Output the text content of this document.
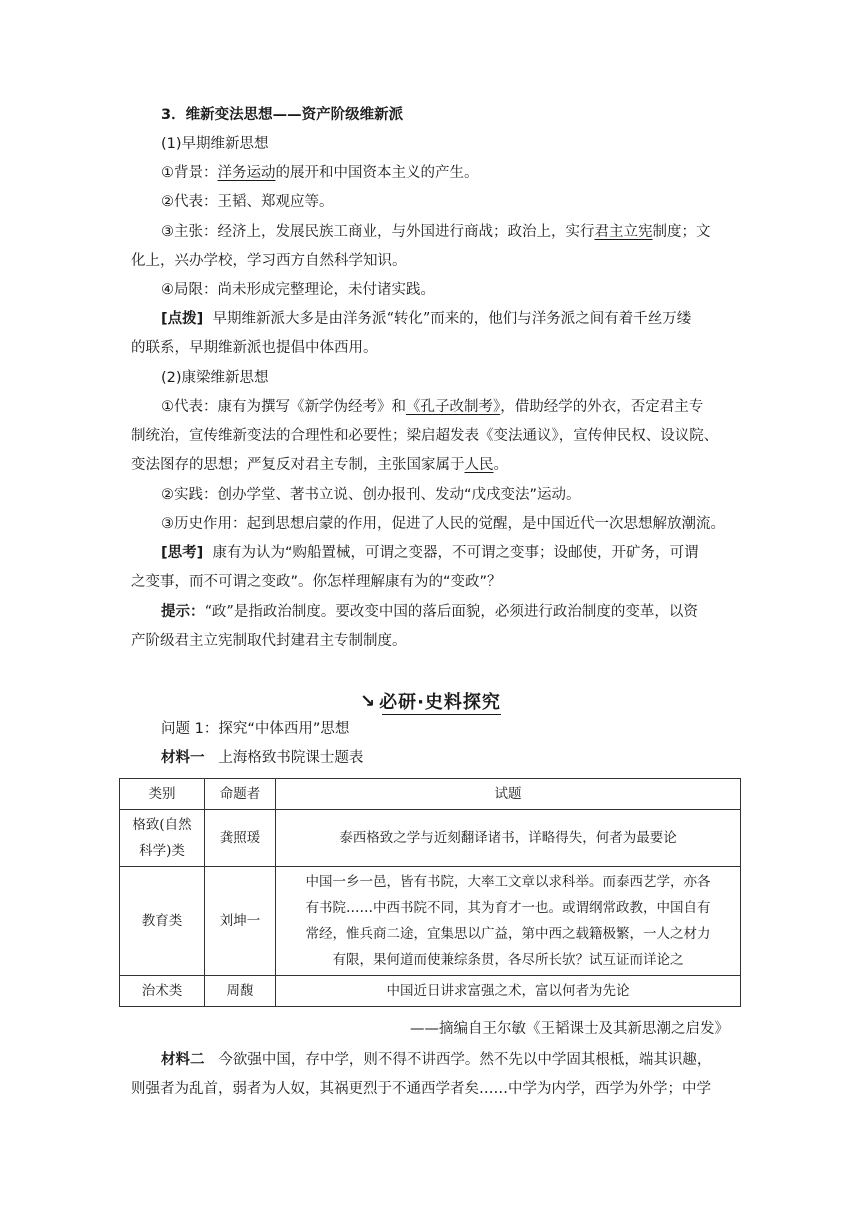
3．维新变法思想——资产阶级维新派
(1)早期维新思想
①背景：洋务运动的展开和中国资本主义的产生。
②代表：王韬、郑观应等。
③主张：经济上，发展民族工商业，与外国进行商战；政治上，实行君主立宪制度；文
化上，兴办学校，学习西方自然科学知识。
④局限：尚未形成完整理论，未付诸实践。
[点拨] 早期维新派大多是由洋务派“转化”而来的，他们与洋务派之间有着千丝万缕
的联系，早期维新派也提倡中体西用。
(2)康梁维新思想
①代表：康有为撰写《新学伪经考》和《孔子改制考》，借助经学的外衣，否定君主专
制统治，宣传维新变法的合理性和必要性；梁启超发表《变法通议》，宣传伸民权、设议院、
变法图存的思想；严复反对君主专制，主张国家属于人民。
②实践：创办学堂、著书立说、创办报刊、发动“戊戌变法”运动。
③历史作用：起到思想启蒙的作用，促进了人民的觉醒，是中国近代一次思想解放潮流。
[思考] 康有为认为“购船置械，可谓之变器，不可谓之变事；设邮使，开矿务，可谓
之变事，而不可谓之变政”。你怎样理解康有为的“变政”？
提示：“政”是指政治制度。要改变中国的落后面貌，必须进行政治制度的变革，以资
产阶级君主立宪制取代封建君主专制制度。
↘ 必研·史料探究
问题 1：探究“中体西用”思想
材料一 上海格致书院课士题表
类别	命题者	试题

格致(自然
科学)类	龚照瑗	泰西格致之学与近刻翻译诸书，详略得失，何者为最要论
教育类	刘坤一	中国一乡一邑，皆有书院，大率工文章以求科举。而泰西艺学，亦各
有书院……中西书院不同，其为育才一也。或谓纲常政教，中国自有
常经，惟兵商二途，宜集思以广益，第中西之载籍极繁，一人之材力
有限，果何道而使兼综条贯，各尽所长欤？试互证而详论之

治术类	周馥	中国近日讲求富强之术，富以何者为先论
——摘编自王尔敏《王韬课士及其新思潮之启发》
材料二 今欲强中国，存中学，则不得不讲西学。然不先以中学固其根柢，端其识趣，
则强者为乱首，弱者为人奴，其祸更烈于不通西学者矣……中学为内学，西学为外学；中学
